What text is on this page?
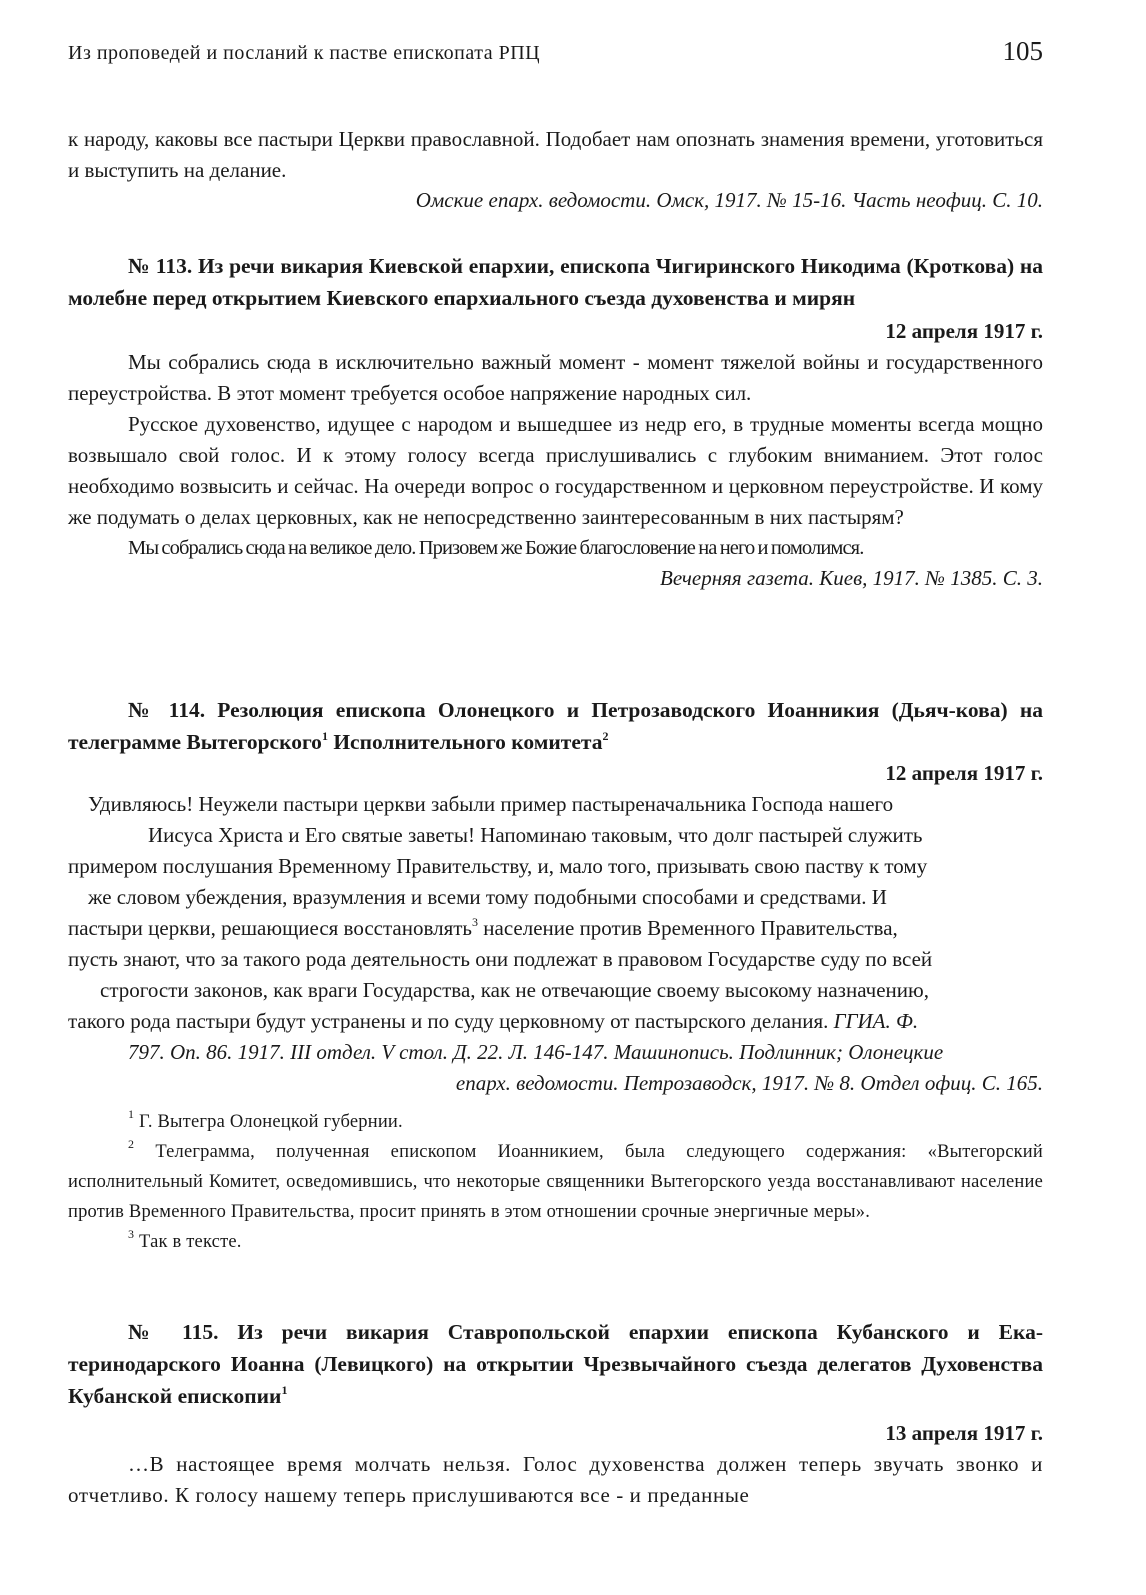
Из проповедей и посланий к пастве епископата РПЦ	105

к народу, каковы все пастыри Церкви православной. Подобает нам опознать знамения времени, уготовиться и выступить на делание.

Омские епарх. ведомости. Омск, 1917. № 15-16. Часть неофиц. С. 10.

№ 113. Из речи викария Киевской епархии, епископа Чигиринского Никодима (Кроткова) на молебне перед открытием Киевского епархиального съезда духовенства и мирян

12 апреля 1917 г.

Мы собрались сюда в исключительно важный момент - момент тяжелой войны и государственного переустройства. В этот момент требуется особое напряжение народных сил.

Русское духовенство, идущее с народом и вышедшее из недр его, в трудные моменты всегда мощно возвышало свой голос. И к этому голосу всегда прислушивались с глубоким вниманием. Этот голос необходимо возвысить и сейчас. На очереди вопрос о государственном и церковном переустройстве. И кому же подумать о делах церковных, как не непосредственно заинтересованным в них пастырям?

Мы собрались сюда на великое дело. Призовем же Божие благословение на него и помолимся.

Вечерняя газета. Киев, 1917. № 1385. С. 3.

№ 114. Резолюция епископа Олонецкого и Петрозаводского Иоанникия (Дьяч-кова) на телеграмме Вытегорского$^1$ Исполнительного комитета$^2$

12 апреля 1917 г.

Удивляюсь! Неужели пастыри церкви забыли пример пастыреначальника Господа нашего
Иисуса Христа и Его святые заветы! Напоминаю таковым, что долг пастырей служить
примером послушания Временному Правительству, и, мало того, призывать свою паству к тому
же словом убеждения, вразумления и всеми тому подобными способами и средствами. И
пастыри церкви, решающиеся восстановлять$^3$ население против Временного Правительства,
пусть знают, что за такого рода деятельность они подлежат в правовом Государстве суду по всей
строгости законов, как враги Государства, как не отвечающие своему высокому назначению,
такого рода пастыри будут устранены и по суду церковному от пастырского делания. ГГИА. Ф.
797. Оп. 86. 1917. III отдел. V стол. Д. 22. Л. 146-147. Машинопись. Подлинник; Олонецкие
епарх. ведомости. Петрозаводск, 1917. № 8. Отдел офиц. С. 165.

$^1$ Г. Вытегра Олонецкой губернии.

$^2$ Телеграмма, полученная епископом Иоанникием, была следующего содержания: «Вытегорский исполнительный Комитет, осведомившись, что некоторые священники Вытегорского уезда восстанавливают население против Временного Правительства, просит принять в этом отношении срочные энергичные меры».

$^3$ Так в тексте.

№ 115. Из речи викария Ставропольской епархии епископа Кубанского и Ека-теринодарского Иоанна (Левицкого) на открытии Чрезвычайного съезда делегатов Духовенства Кубанской епископии$^1$

13 апреля 1917 г.

…В настоящее время молчать нельзя. Голос духовенства должен теперь звучать звонко и отчетливо. К голосу нашему теперь прислушиваются все - и преданные
